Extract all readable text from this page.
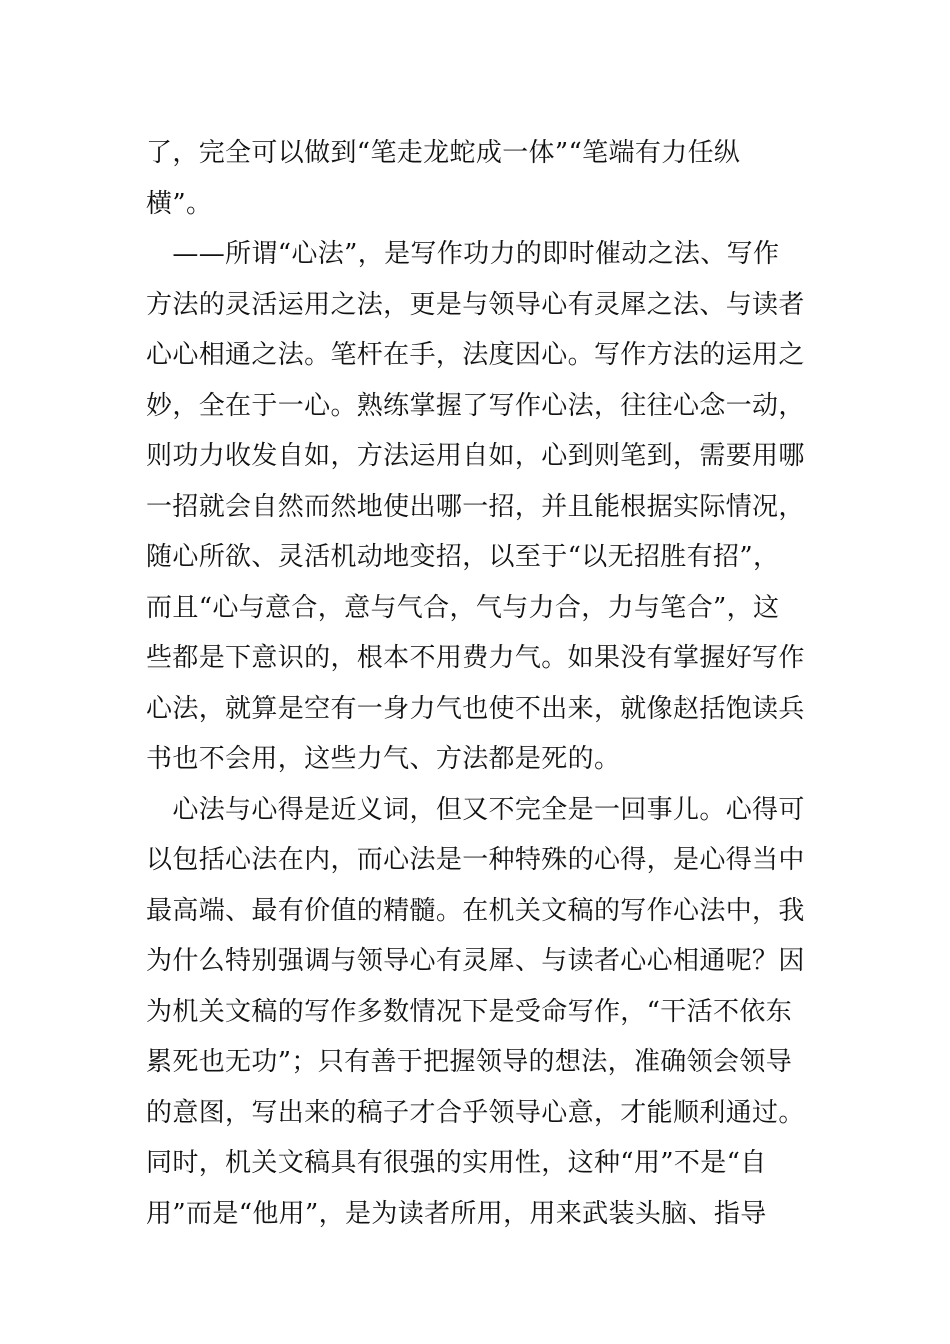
了，完全可以做到“笔走龙蛇成一体”“笔端有力任纵
横”。
　——所谓“心法”，是写作功力的即时催动之法、写作
方法的灵活运用之法，更是与领导心有灵犀之法、与读者
心心相通之法。笔杆在手，法度因心。写作方法的运用之
妙，全在于一心。熟练掌握了写作心法，往往心念一动，
则功力收发自如，方法运用自如，心到则笔到，需要用哪
一招就会自然而然地使出哪一招，并且能根据实际情况，
随心所欲、灵活机动地变招，以至于“以无招胜有招”，
而且“心与意合，意与气合，气与力合，力与笔合”，这
些都是下意识的，根本不用费力气。如果没有掌握好写作
心法，就算是空有一身力气也使不出来，就像赵括饱读兵
书也不会用，这些力气、方法都是死的。
　心法与心得是近义词，但又不完全是一回事儿。心得可
以包括心法在内，而心法是一种特殊的心得，是心得当中
最高端、最有价值的精髓。在机关文稿的写作心法中，我
为什么特别强调与领导心有灵犀、与读者心心相通呢？因
为机关文稿的写作多数情况下是受命写作，“干活不依东
累死也无功”；只有善于把握领导的想法，准确领会领导
的意图，写出来的稿子才合乎领导心意，才能顺利通过。
同时，机关文稿具有很强的实用性，这种“用”不是“自
用”而是“他用”，是为读者所用，用来武装头脑、指导
